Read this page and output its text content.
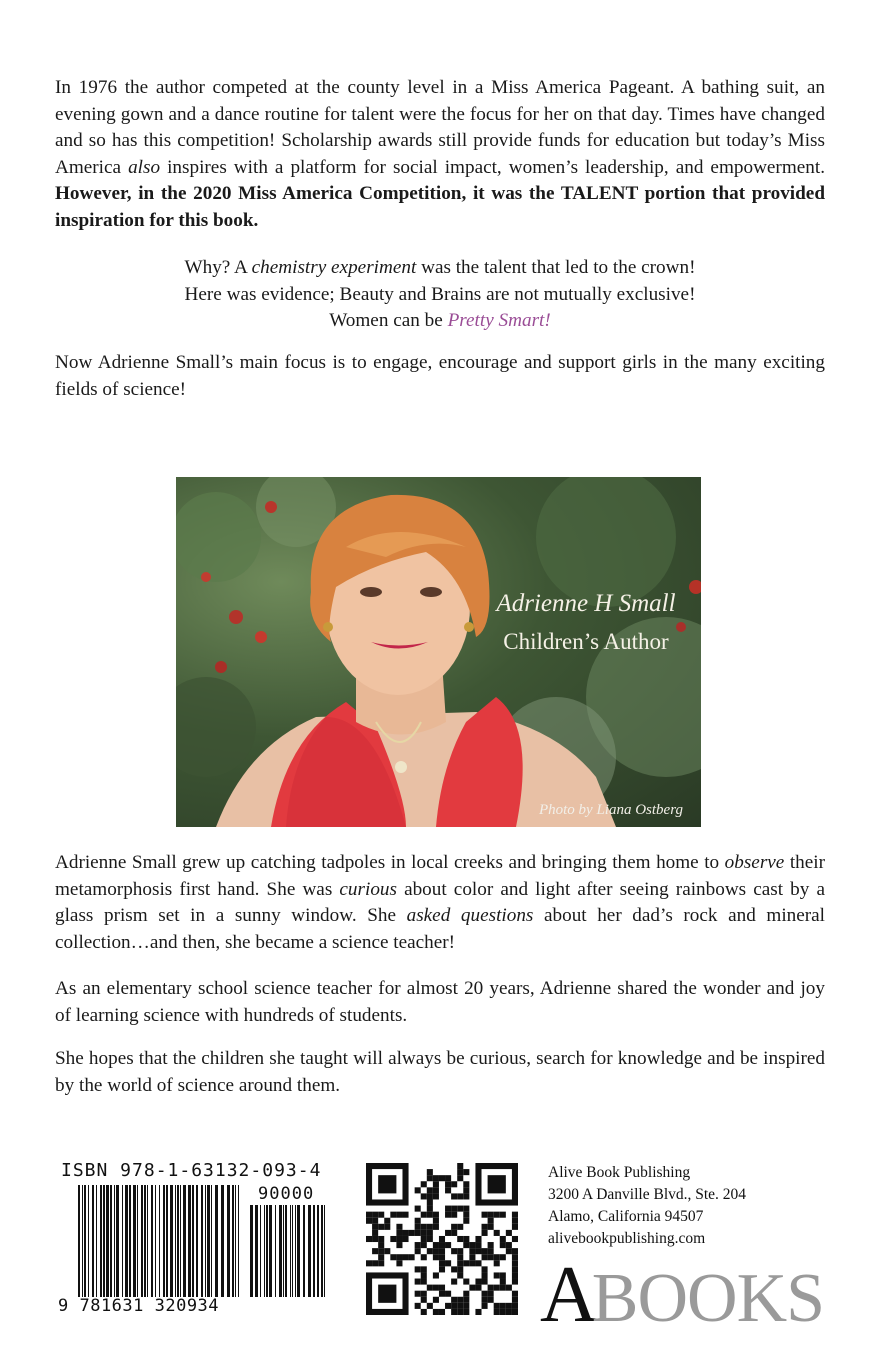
In 1976 the author competed at the county level in a Miss America Pageant. A bathing suit, an evening gown and a dance routine for talent were the focus for her on that day. Times have changed and so has this competition! Scholarship awards still provide funds for education but today’s Miss America also inspires with a platform for social impact, women’s leadership, and empowerment. However, in the 2020 Miss America Competition, it was the TALENT portion that provided inspiration for this book.

Why? A chemistry experiment was the talent that led to the crown!
Here was evidence; Beauty and Brains are not mutually exclusive!
Women can be Pretty Smart!

Now Adrienne Small’s main focus is to engage, encourage and support girls in the many exciting fields of science!

Adrienne H Small
Children’s Author
Photo by Liana Ostberg

Adrienne Small grew up catching tadpoles in local creeks and bringing them home to observe their metamorphosis first hand. She was curious about color and light after seeing rainbows cast by a glass prism set in a sunny window. She asked questions about her dad’s rock and mineral collection…and then, she became a science teacher!

As an elementary school science teacher for almost 20 years, Adrienne shared the wonder and joy of learning science with hundreds of students.

She hopes that the children she taught will always be curious, search for knowledge and be inspired by the world of science around them.

ISBN 978-1-63132-093-4
90000
9 781631 320934
Alive Book Publishing
3200 A Danville Blvd., Ste. 204
Alamo, California 94507
alivebookpublishing.com
ABOOKS
